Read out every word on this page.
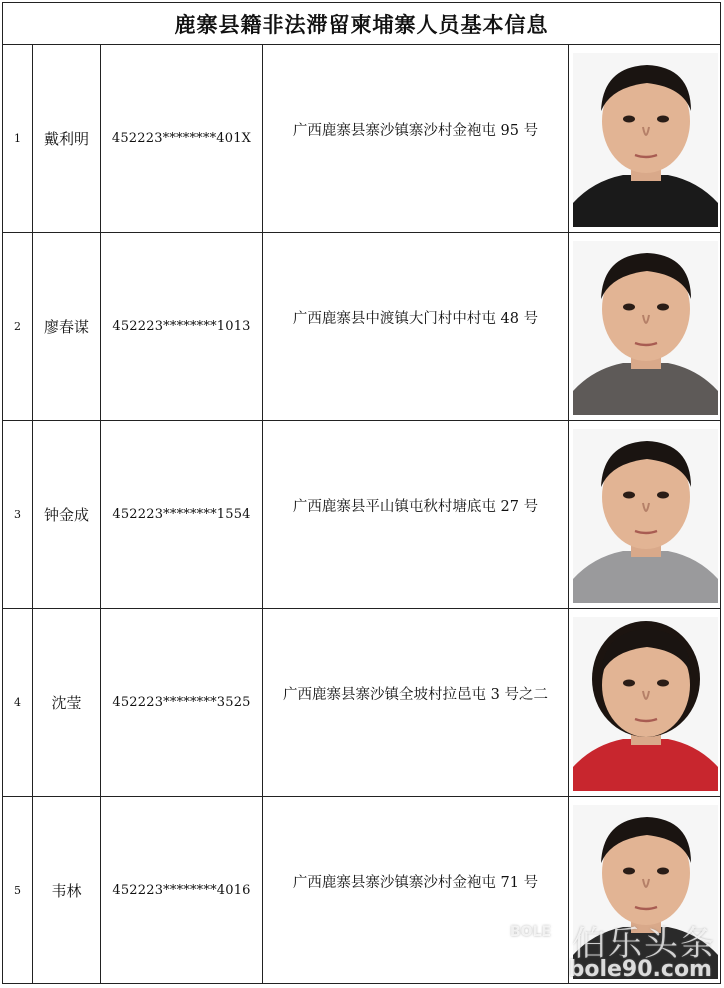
鹿寨县籍非法滞留柬埔寨人员基本信息
1	戴利明	452223********401X	广西鹿寨县寨沙镇寨沙村金袍屯 95 号
2	廖春谋	452223********1013	广西鹿寨县中渡镇大门村中村屯 48 号
3	钟金成	452223********1554	广西鹿寨县平山镇屯秋村塘底屯 27 号
4	沈莹	452223********3525	广西鹿寨县寨沙镇全坡村拉邑屯 3 号之二
5	韦林	452223********4016	广西鹿寨县寨沙镇寨沙村金袍屯 71 号
BOLE 伯乐头条
bole90.com
